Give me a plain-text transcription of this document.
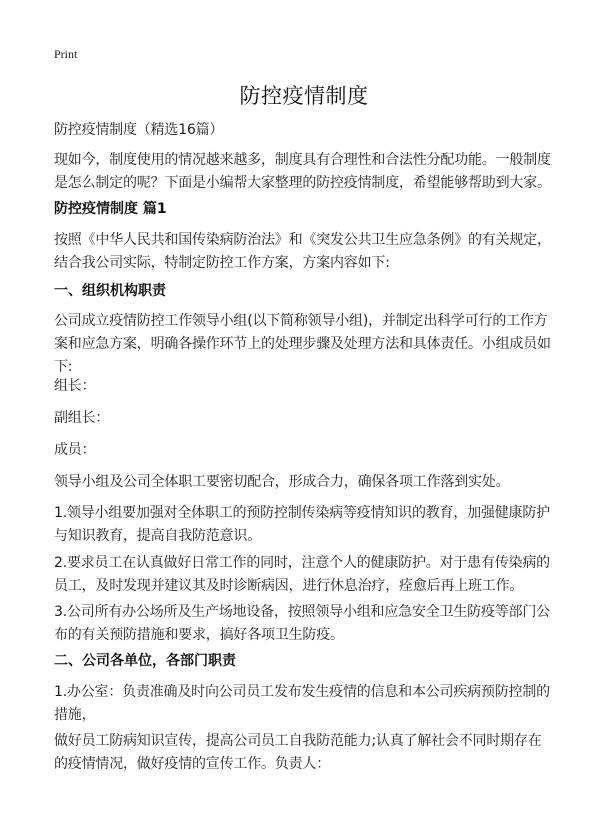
Print
防控疫情制度
防控疫情制度（精选16篇）
现如今，制度使用的情况越来越多，制度具有合理性和合法性分配功能。一般制度是怎么制定的呢？下面是小编帮大家整理的防控疫情制度，希望能够帮助到大家。
防控疫情制度 篇1
按照《中华人民共和国传染病防治法》和《突发公共卫生应急条例》的有关规定，结合我公司实际，特制定防控工作方案，方案内容如下:
一、组织机构职责
公司成立疫情防控工作领导小组(以下简称领导小组)，并制定出科学可行的工作方案和应急方案，明确各操作环节上的处理步骤及处理方法和具体责任。小组成员如下:
组长：
副组长：
成员：
领导小组及公司全体职工要密切配合，形成合力，确保各项工作落到实处。
1.领导小组要加强对全体职工的预防控制传染病等疫情知识的教育，加强健康防护与知识教育，提高自我防范意识。
2.要求员工在认真做好日常工作的同时，注意个人的健康防护。对于患有传染病的员工，及时发现并建议其及时诊断病因，进行休息治疗，痊愈后再上班工作。
3.公司所有办公场所及生产场地设备，按照领导小组和应急安全卫生防疫等部门公布的有关预防措施和要求，搞好各项卫生防疫。
二、公司各单位，各部门职责
1.办公室：负责准确及时向公司员工发布发生疫情的信息和本公司疾病预防控制的措施，
做好员工防病知识宣传，提高公司员工自我防范能力;认真了解社会不同时期存在的疫情情况，做好疫情的宣传工作。负责人：
